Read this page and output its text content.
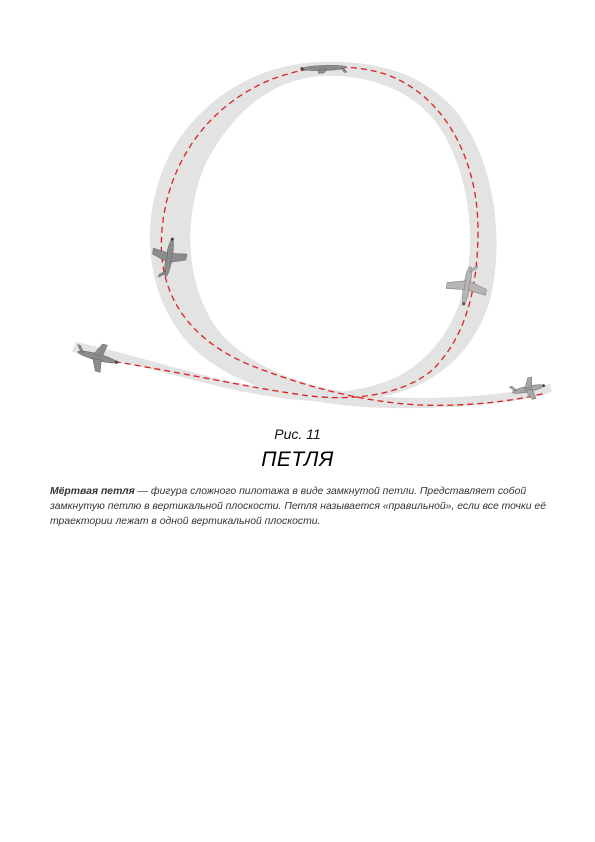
Рис. 11
ПЕТЛЯ
Мёртвая петля — фигура сложного пилотажа в виде замкнутой петли. Представляет собой замкнутую петлю в вертикальной плоскости. Петля называется «правильной», если все точки её траектории лежат в одной вертикальной плоскости.
